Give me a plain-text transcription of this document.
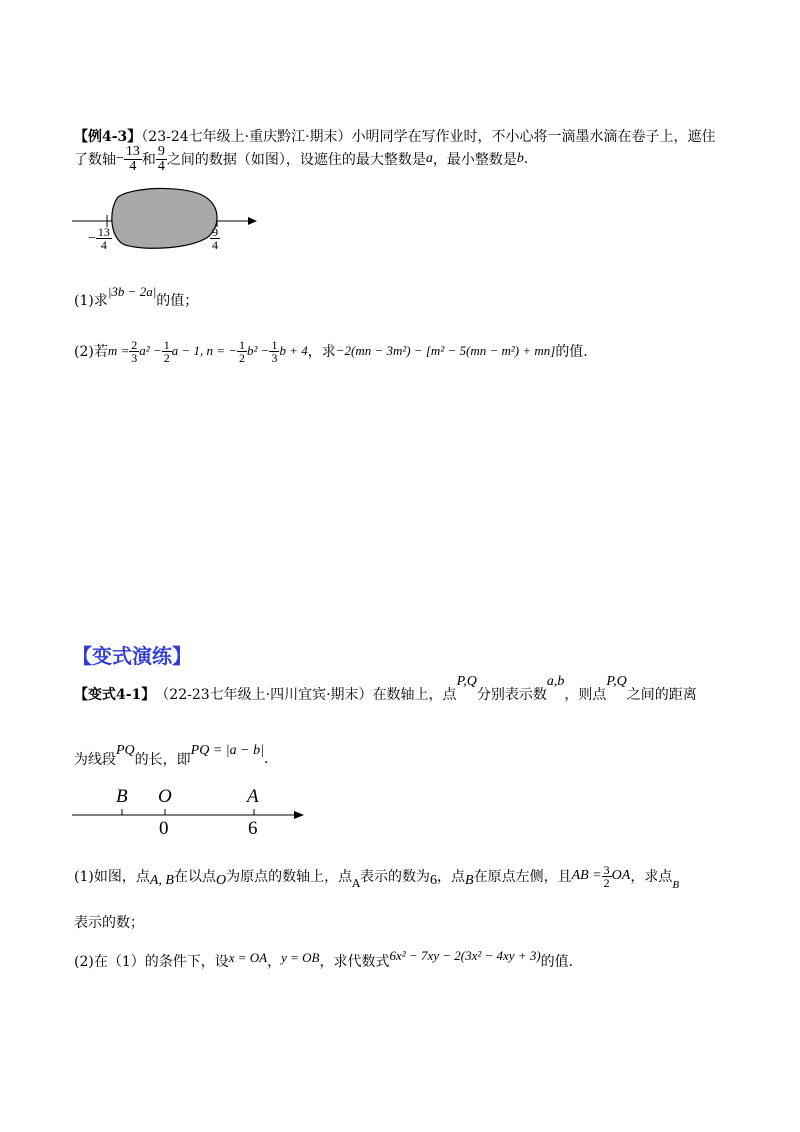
【例4-3】（23-24七年级上·重庆黔江·期末）小明同学在写作业时，不小心将一滴墨水滴在卷子上，遮住
了数轴 − $\frac{13}{4}$ 和 $\frac{9}{4}$ 之间的数据（如图），设遮住的最大整数是 a ，最小整数是 b .
− $\frac{13}{4}$	$\frac{9}{4}$
(1)求
|3b − 2a|
的值；
(2)若 $m = \frac{2}{3} a^2 - \frac{1}{2}$ a − 1, n = − $\frac{1}{2} b^2 - \frac{1}{3}$ b + 4 ，求 −2(mn − 3m²) − [m² − 5(mn − m²) + mn] 的值.
【变式演练】
【变式4-1】 （22-23七年级上·四川宜宾·期末） 在数轴上，点
P,Q
分别表示数
a,b
，则点
P,Q
之间的距离
为线段
PQ
的长，即
PQ = |a − b|
.
B O	A
0	6
(1)如图，点 A, B 在以点 O 为原点的数轴上，点 A 表示的数为 6 ，点 B 在原点左侧，且 AB = $\frac{3}{2}$ OA ，求点 B
表示的数；
(2)在（1）的条件下，设 x = OA ， y = OB ，求代数式 6x² − 7xy − 2(3x² − 4xy + 3) 的值.
